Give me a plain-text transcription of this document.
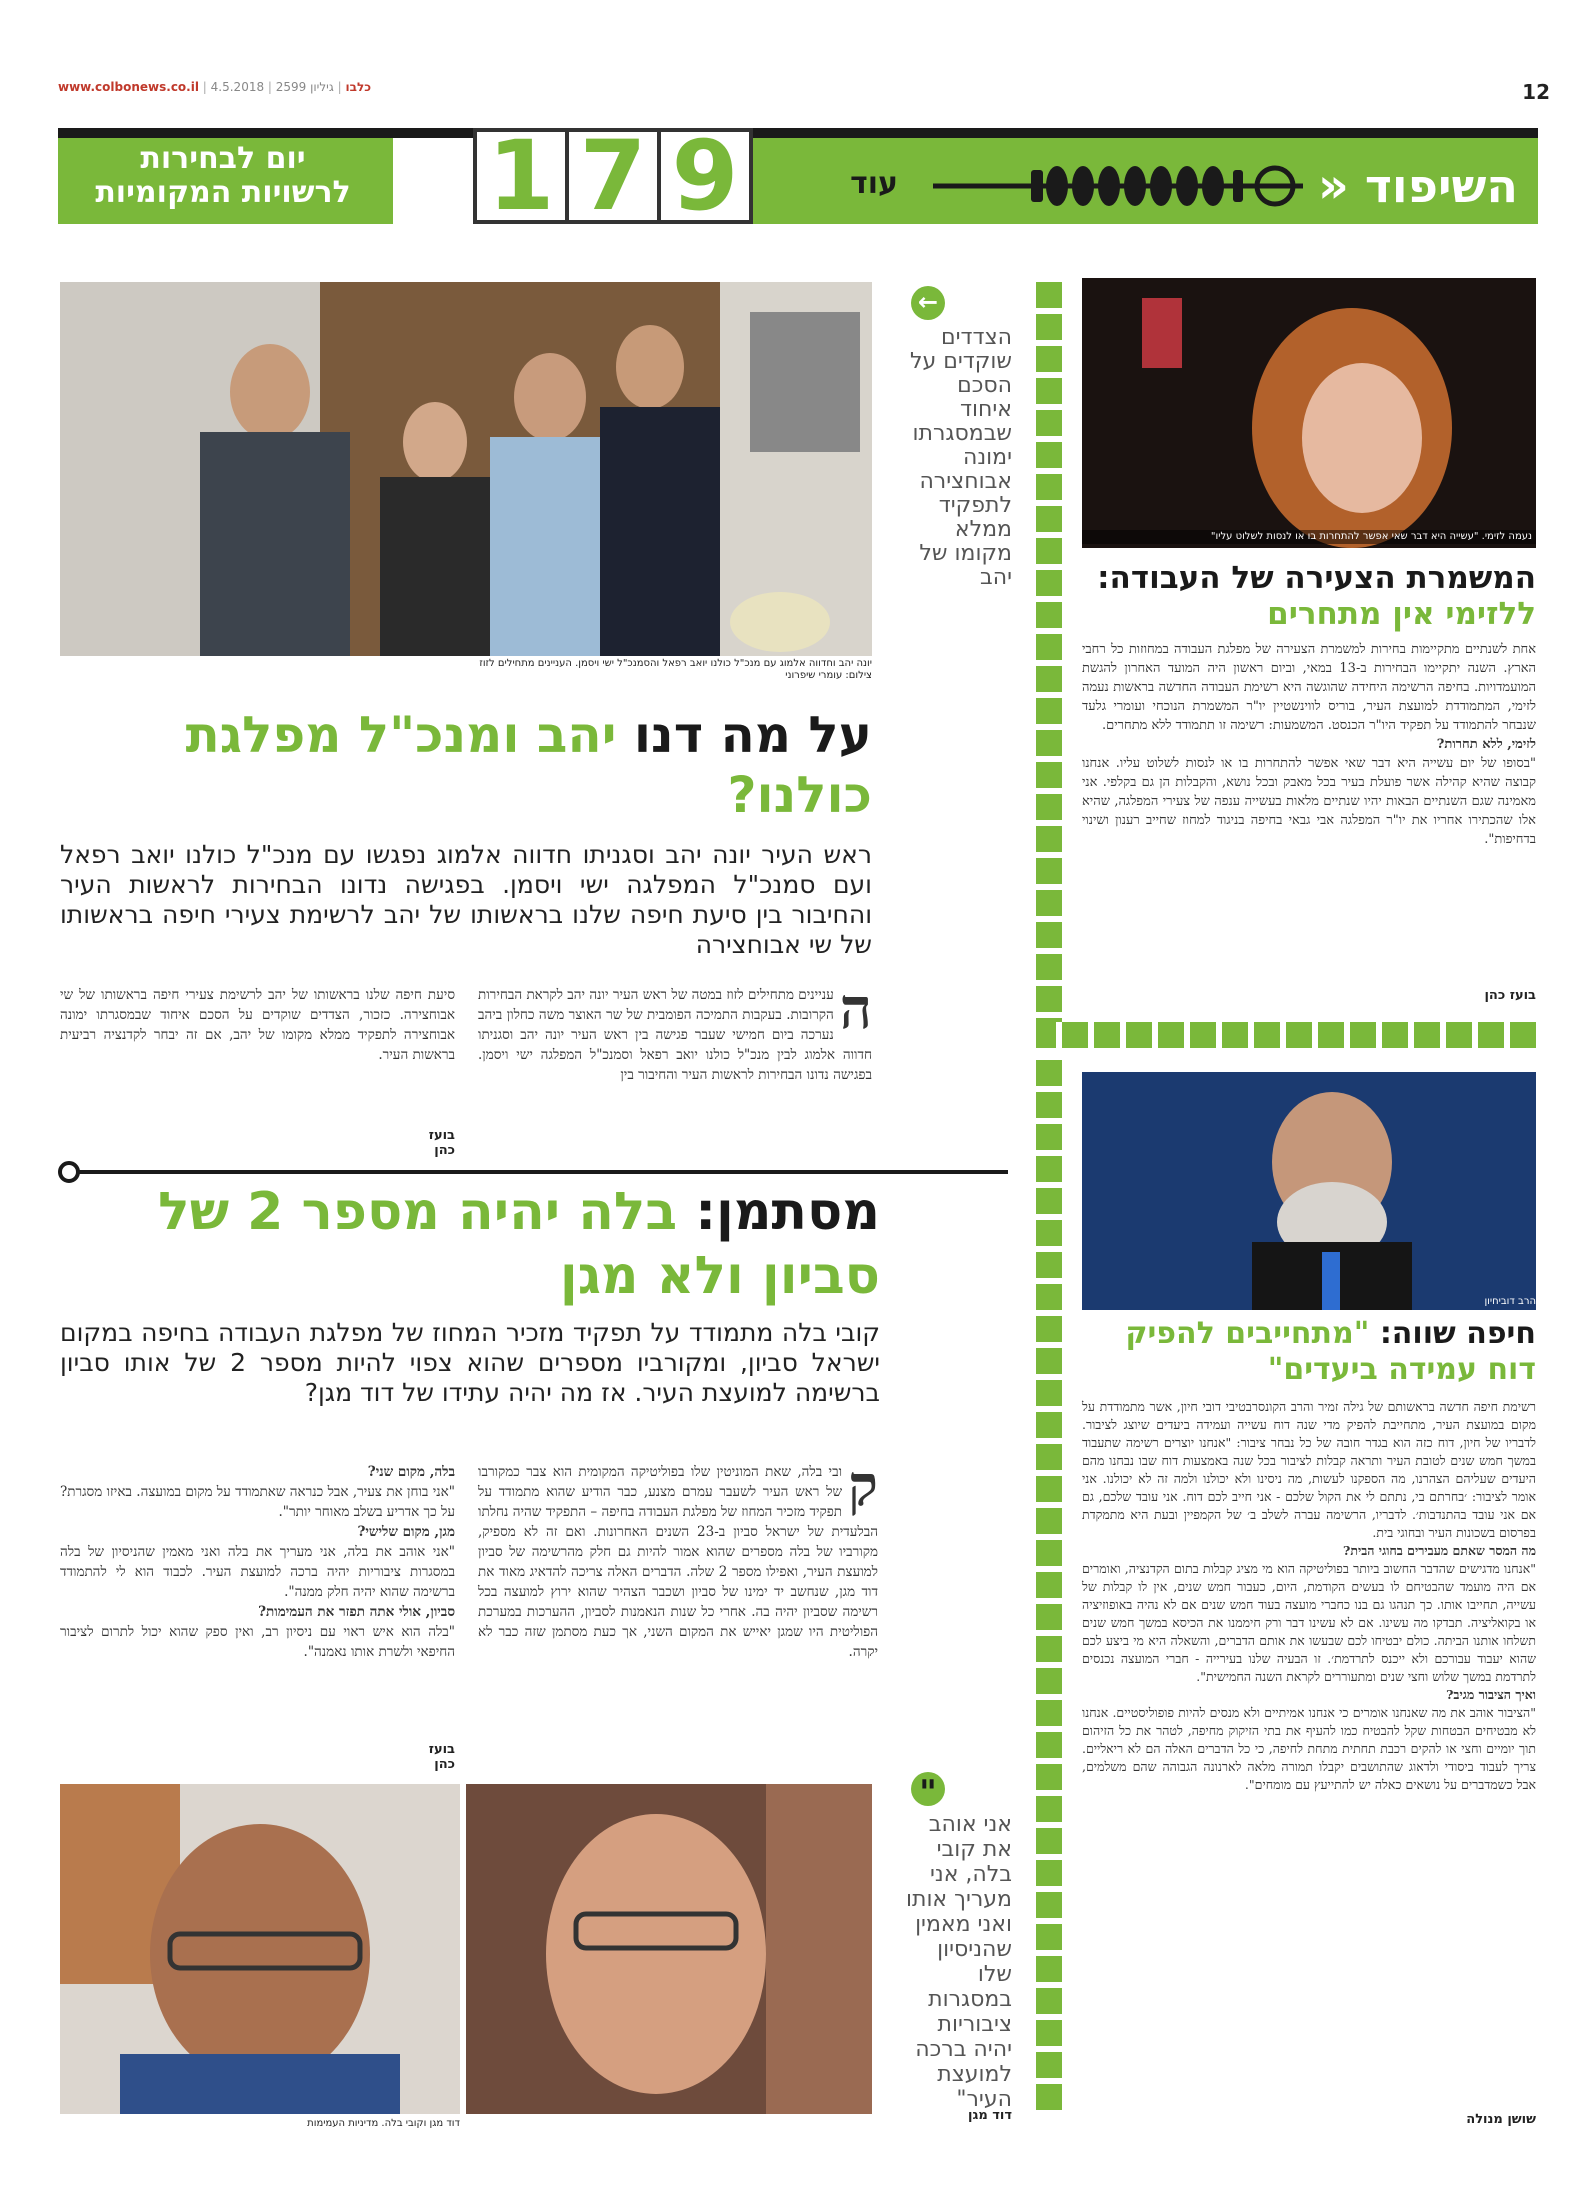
www.colbonews.co.il |	כלבו | גיליון 2599 | 4.5.2018	12
השיפוד «
עוד
9
7
1
יום לבחירות
לרשויות המקומיות
יונה יהב וחדווה אלמוג עם מנכ"ל כולנו יואב רפאל והסמנכ"ל ישי ויסמן. העניינים מתחילים לזוז
צילום: עומרי שיפרוני
←
הצדדים שוקדים על הסכם איחוד שבמסגרתו ימונה אבוחצירה לתפקיד ממלא מקומו של יהב
על מה דנו יהב ומנכ"ל מפלגת כולנו?
ראש העיר יונה יהב וסגניתו חדווה אלמוג נפגשו עם מנכ"ל כולנו יואב רפאל ועם סמנכ"ל המפלגה ישי ויסמן. בפגישה נדונו הבחירות לראשות העיר והחיבור בין סיעת חיפה שלנו בראשותו של יהב לרשימת צעירי חיפה בראשותו של שי אבוחצירה
ה
עניינים מתחילים לזוז במטה של ראש העיר יונה יהב לקראת הבחירות הקרובות. בעקבות התמיכה הפומבית של שר האוצר משה כחלון ביהב נערכה ביום חמישי שעבר פגישה בין ראש העיר יונה יהב וסגניתו חדווה אלמוג לבין מנכ"ל כולנו יואב רפאל וסמנכ"ל המפלגה ישי ויסמן. בפגישה נדונו הבחירות לראשות העיר והחיבור בין
סיעת חיפה שלנו בראשותו של יהב לרשימת צעירי חיפה בראשותו של שי אבוחצירה. כזכור, הצדדים שוקדים על הסכם איחוד שבמסגרתו ימונה אבוחצירה לתפקיד ממלא מקומו של יהב, אם זה יבחר לקדנציה רביעית בראשות העיר.
בועז כהן
מסתמן: בלה יהיה מספר 2 של סביון ולא מגן
קובי בלה מתמודד על תפקיד מזכיר המחוז של מפלגת העבודה בחיפה במקום ישראל סביון, ומקורביו מספרים שהוא צפוי להיות מספר 2 של אותו סביון ברשימה למועצת העיר. אז מה יהיה עתידו של דוד מגן?
ק
ובי בלה, שאת המוניטין שלו בפוליטיקה המקומית הוא צבר כמקורבו של ראש העיר לשעבר עמרם מצנע, כבר הודיע שהוא מתמודד על תפקיד מזכיר המחוז של מפלגת העבודה בחיפה – התפקיד שהיה נחלתו הבלעדית של ישראל סביון ב-23 השנים האחרונות. ואם זה לא מספיק, מקורביו של בלה מספרים שהוא אמור להיות גם חלק מהרשימה של סביון למועצת העיר, ואפילו מספר 2 שלה. הדברים האלה צריכה להדאיג מאוד את דוד מגן, שנחשב יד ימינו של סביון ושכבר הצהיר שהוא ירוץ למועצה בכל רשימה שסביון יהיה בה. אחרי כל שנות הנאמנות לסביון, ההערכות במערכת הפוליטית היו שמגן יאייש את המקום השני, אך כעת מסתמן שזה כבר לא יקרה.
בלה, מקום שני?
"אני בוחן את צעיר, אבל כנראה שאתמודד על מקום במועצה. באיזו מסגרת? על כך אדריע בשלב מאוחר יותר".
מגן, מקום שלישי?
"אני אוהב את בלה, אני מעריך את בלה ואני מאמין שהניסיון של בלה במסגרות ציבוריות יהיה ברכה למועצת העיר. לכבוד הוא לי להתמודד ברשימה שהוא יהיה חלק ממנה".
סביון, אולי אתה תפזר את העמימות?
"בלה הוא איש ראוי עם ניסיון רב, ואין ספק שהוא יכול לתרום לציבור החיפאי ולשרת אותו נאמנה".
בועז כהן
דוד מגן וקובי בלה. מדיניות העמימות
"
אני אוהב את קובי בלה, אני מעריך אותו ואני מאמין שהניסיון שלו במסגרות ציבוריות יהיה ברכה למועצת העיר"
דוד מגן
נעמה לזימי. "עשייה היא דבר שאי אפשר להתחרות בו או לנסות לשלוט עליו"
המשמרת הצעירה של העבודה: ללזימי אין מתחרים
אחת לשנתיים מתקיימות בחירות למשמרת הצעירה של מפלגת העבודה במחוזות כל רחבי הארץ. השנה יתקיימו הבחירות ב-13 במאי, וביום ראשון היה המועד האחרון להגשת המועמדויות. בחיפה הרשימה היחידה שהוגשה היא רשימת העבודה החדשה בראשות נעמה לזימי, המתמודדת למועצת העיר, בוריס לווינשטיין יו"ר המשמרת הנוכחי ועומרי גלעד שנבחר להתמודד על תפקיד היו"ר הכנסט. המשמעות: רשימה זו תתמודד ללא מתחרים.
לזימי, ללא תחרות?
"בסופו של יום עשייה היא דבר שאי אפשר להתחרות בו או לנסות לשלוט עליו. אנחנו קבוצה שהיא קהילה אשר פועלת בעיר בכל מאבק ובכל נושא, והקבלות הן גם בקלפי. אני מאמינה שגם השנתיים הבאות יהיו שנתיים מלאות בעשייה ענפה של צעירי המפלגה, שהיא אלו שהכתירו אחריו את יו"ר המפלגה אבי גבאי בחיפה בניגוד למחוז שחייב רענון ושינוי בדחיפות".
בועז כהן
הרב דוביחיון
חיפה שווה: "מתחייבים להפיק דוח עמידה ביעדים"
רשימת חיפה חדשה בראשותם של גילה זמיר והרב הקונסרבטיבי דובי חיון, אשר מתמודדת על מקום במועצת העיר, מתחייבת להפיק מדי שנה דוח עשייה ועמידה ביעדים שיוצג לציבור. לדבריו של חיון, דוח כזה הוא בגדר חובה של כל נבחר ציבור: "אנחנו יוצרים רשימה שתעבוד במשך חמש שנים לטובת העיר ותראה קבלות לציבור בכל שנה באמצעות דוח שבו נבחנו מהם היעדים שעליהם הצהרנו, מה הספקנו לעשות, מה ניסינו ולא יכולנו ולמה זה לא יכולנו. אני אומר לציבור: ׳בחרתם בי, נתתם לי את הקול שלכם - אני חייב לכם דוח. אני עובד שלכם, גם אם אני עובד בהתנדבות׳. לדבריו, הרשימה עברה לשלב ב׳ של הקמפיין ובעת היא מתמקדת בפרסום בשכונות העיר ובחוגי בית.
מה המסר שאתם מעבירים בחוגי הבית?
"אנחנו מדגישים שהדבר החשוב ביותר בפוליטיקה הוא מי מציג קבלות בתום הקדנציה, ואומרים אם היה מועמד שהבטיחם לו בעשים הקודמת, היום, כעבור חמש שנים, אין לו קבלות של עשייה, תחייבו אותו. כך תנהגו גם בנו כחברי מועצה בעוד חמש שנים אם לא נהיה באופוזיציה או בקואליציה. תבדקו מה עשינו. אם לא עשינו דבר ורק חיממנו את הכיסא במשך חמש שנים תשלחו אותנו הביתה. כולם יבטיחו לכם שבעשו את אותם הדברים, והשאלה היא מי ביצע לכם שהוא יעבוד עבורכם ולא ייכנס לתרדמת׳. זו הבעיה שלנו בעירייה - חברי המועצה נכנסים לתרדמת במשך שלוש וחצי שנים ומתעוררים לקראת השנה החמישית".
ואיך הציבור מגיב?
"הציבור אוהב את מה שאנחנו אומרים כי אנחנו אמיתיים ולא מנסים להיות פופוליסטיים. אנחנו לא מבטיחים הבטחות שקל להבטיח כמו להעיף את בתי הזיקוק מחיפה, לטהר את כל הזיהום תוך יומיים וחצי או להקים רכבת תחתית מתחת לחיפה, כי כל הדברים האלה הם לא ריאליים. צריך לעבוד ביסודי ולדאוג שהתושבים יקבלו תמורה מלאה לארנונה הגבוהה שהם משלמים, אבל כשמדברים על נושאים כאלה יש להתייעץ עם מומחים".
שושן מנולה
